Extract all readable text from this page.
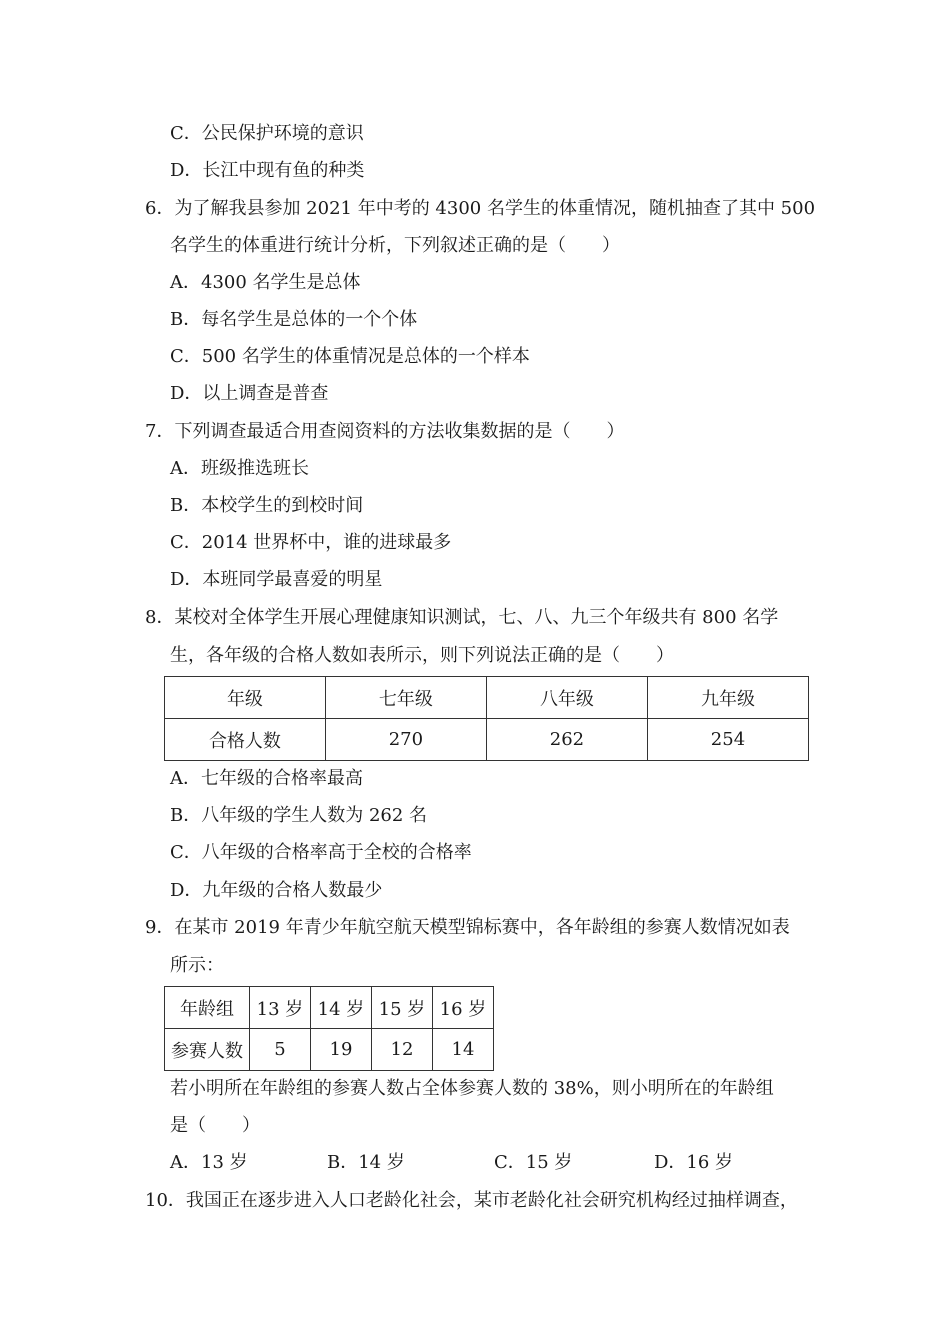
C．公民保护环境的意识
D．长江中现有鱼的种类
6．为了解我县参加 2021 年中考的 4300 名学生的体重情况，随机抽查了其中 500
名学生的体重进行统计分析，下列叙述正确的是（　　）
A．4300 名学生是总体
B．每名学生是总体的一个个体
C．500 名学生的体重情况是总体的一个样本
D．以上调查是普查
7．下列调查最适合用查阅资料的方法收集数据的是（　　）
A．班级推选班长
B．本校学生的到校时间
C．2014 世界杯中，谁的进球最多
D．本班同学最喜爱的明星
8．某校对全体学生开展心理健康知识测试，七、八、九三个年级共有 800 名学
生，各年级的合格人数如表所示，则下列说法正确的是（　　）
年级	七年级	八年级	九年级
合格人数	270	262	254
A．七年级的合格率最高
B．八年级的学生人数为 262 名
C．八年级的合格率高于全校的合格率
D．九年级的合格人数最少
9．在某市 2019 年青少年航空航天模型锦标赛中，各年龄组的参赛人数情况如表
所示：
年龄组	13 岁	14 岁	15 岁	16 岁
参赛人数	5	19	12	14
若小明所在年龄组的参赛人数占全体参赛人数的 38%，则小明所在的年龄组
是（　　）
A．13 岁	B．14 岁	C．15 岁	D．16 岁
10．我国正在逐步进入人口老龄化社会，某市老龄化社会研究机构经过抽样调查，
